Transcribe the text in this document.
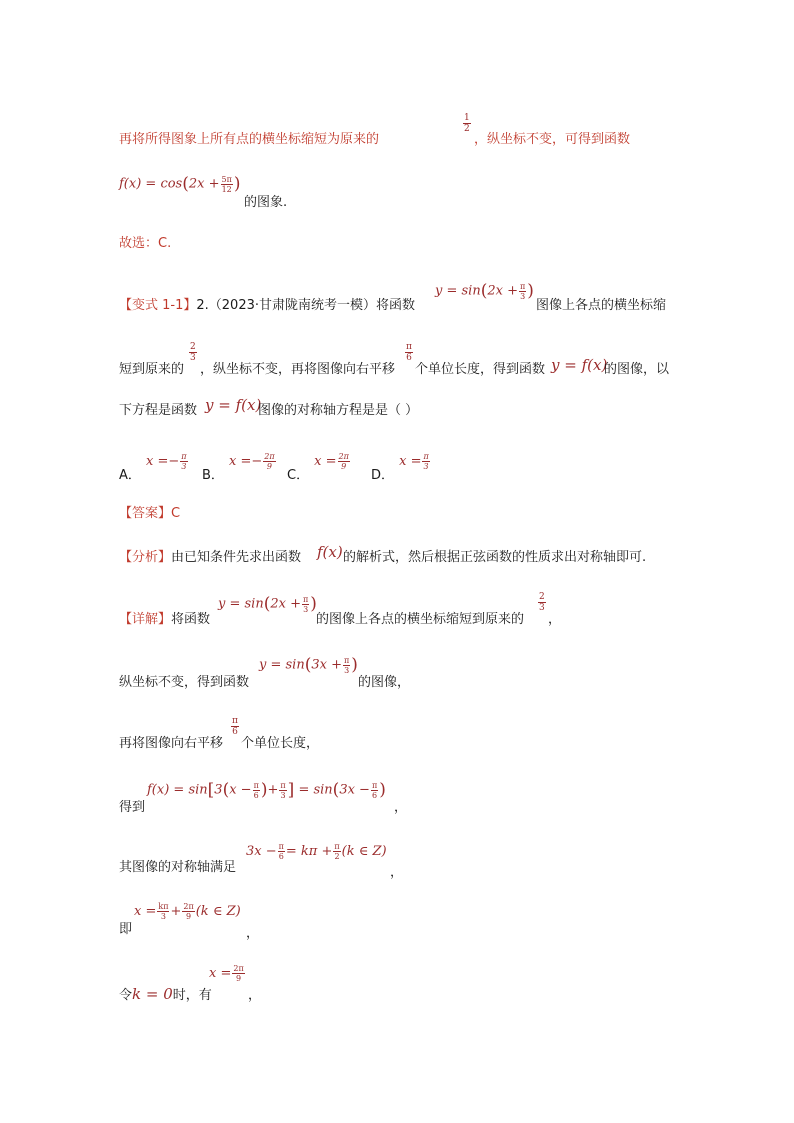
再将所得图象上所有点的横坐标缩短为原来的
$\frac{1}{2}$
，纵坐标不变，可得到函数
$f(x) = \cos(2x + \frac{5\pi}{12}$ )
的图象.
故选：C.
【变式 1-1】2.（2023·甘肃陇南统考一模）将函数
$y = \sin(2x + \frac{\pi}{3}$ )
图像上各点的横坐标缩
短到原来的
$\frac{2}{3}$
，纵坐标不变，再将图像向右平移
$\frac{\pi}{6}$
个单位长度，得到函数 y = f(x)
的图像，以
下方程是函数 y = f(x)
图像的对称轴方程是是（ ）
$_{A.}$ $x =- \frac{\pi}{3}$
$_{B.}$ $x =- \frac{2\pi}{9}$
$_{C.}$ $x = \frac{2\pi}{9}$
$_{D.}$ $x = \frac{\pi}{3}$
【答案】C
【分析】由已知条件先求出函数 f(x) 的解析式，然后根据正弦函数的性质求出对称轴即可.
【详解】将函数
$y = \sin(2x + \frac{\pi}{3}$ )
的图像上各点的横坐标缩短到原来的
$\frac{2}{3}$
，
纵坐标不变，得到函数
$y = \sin(3x + \frac{\pi}{3}$ )
的图像，
再将图像向右平移
$\frac{\pi}{6}$
个单位长度，
得到
$f(x) = \sin[3(x - \frac{\pi}{6}$ )+ $\frac{\pi}{3}$ ] = $\sin(3x - \frac{\pi}{6}$ )
，
其图像的对称轴满足
$3x - \frac{\pi}{6} = k\pi + \frac{\pi}{2} (k$ ∈ Z)
，
即
$x = \frac{k\pi}{3} + \frac{2\pi}{9} (k$ ∈ Z)
，
令k = 0时，有
$x = \frac{2\pi}{9}$
，
